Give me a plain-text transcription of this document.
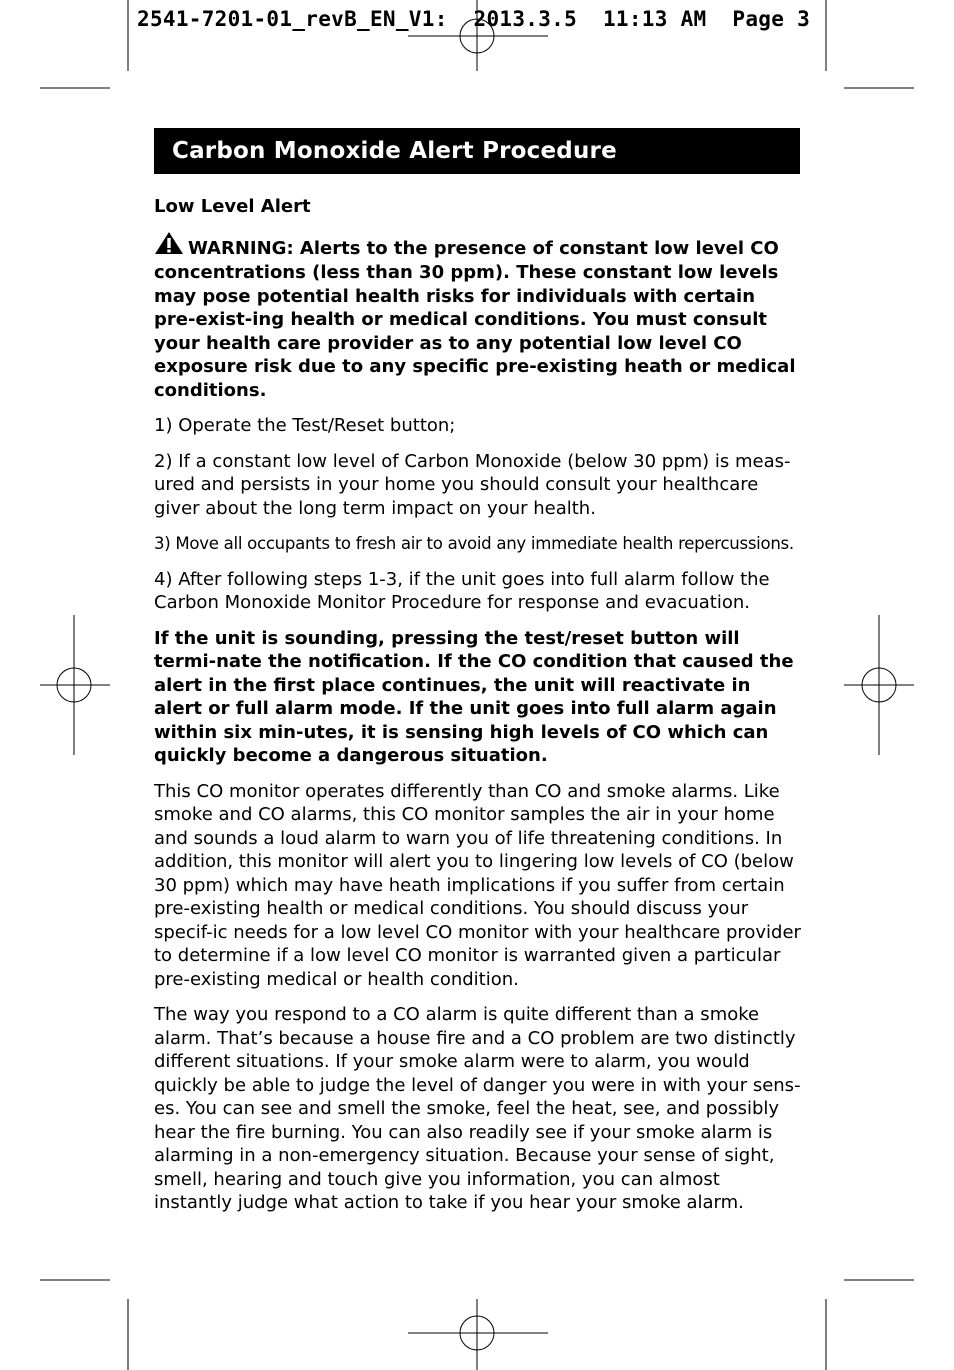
2541-7201-01_revB_EN_V1:  2013.3.5  11:13 AM  Page 3
Carbon Monoxide Alert Procedure

Low Level Alert

WARNING: Alerts to the presence of constant low level CO concentrations (less than 30 ppm). These constant low levels may pose potential health risks for individuals with certain pre-exist-ing health or medical conditions. You must consult your health care provider as to any potential low level CO exposure risk due to any specific pre-existing heath or medical conditions.

1) Operate the Test/Reset button;

2) If a constant low level of Carbon Monoxide (below 30 ppm) is meas-ured and persists in your home you should consult your healthcare giver about the long term impact on your health.

3) Move all occupants to fresh air to avoid any immediate health repercussions.

4) After following steps 1-3, if the unit goes into full alarm follow the Carbon Monoxide Monitor Procedure for response and evacuation.

If the unit is sounding, pressing the test/reset button will termi-nate the notification. If the CO condition that caused the alert in the first place continues, the unit will reactivate in alert or full alarm mode. If the unit goes into full alarm again within six min-utes, it is sensing high levels of CO which can quickly become a dangerous situation.

This CO monitor operates differently than CO and smoke alarms. Like smoke and CO alarms, this CO monitor samples the air in your home and sounds a loud alarm to warn you of life threatening conditions. In addition, this monitor will alert you to lingering low levels of CO (below 30 ppm) which may have heath implications if you suffer from certain pre-existing health or medical conditions. You should discuss your specif-ic needs for a low level CO monitor with your healthcare provider to determine if a low level CO monitor is warranted given a particular pre-existing medical or health condition.

The way you respond to a CO alarm is quite different than a smoke alarm. That’s because a house fire and a CO problem are two distinctly different situations. If your smoke alarm were to alarm, you would quickly be able to judge the level of danger you were in with your sens-es. You can see and smell the smoke, feel the heat, see, and possibly hear the fire burning. You can also readily see if your smoke alarm is alarming in a non-emergency situation. Because your sense of sight, smell, hearing and touch give you information, you can almost instantly judge what action to take if you hear your smoke alarm.
